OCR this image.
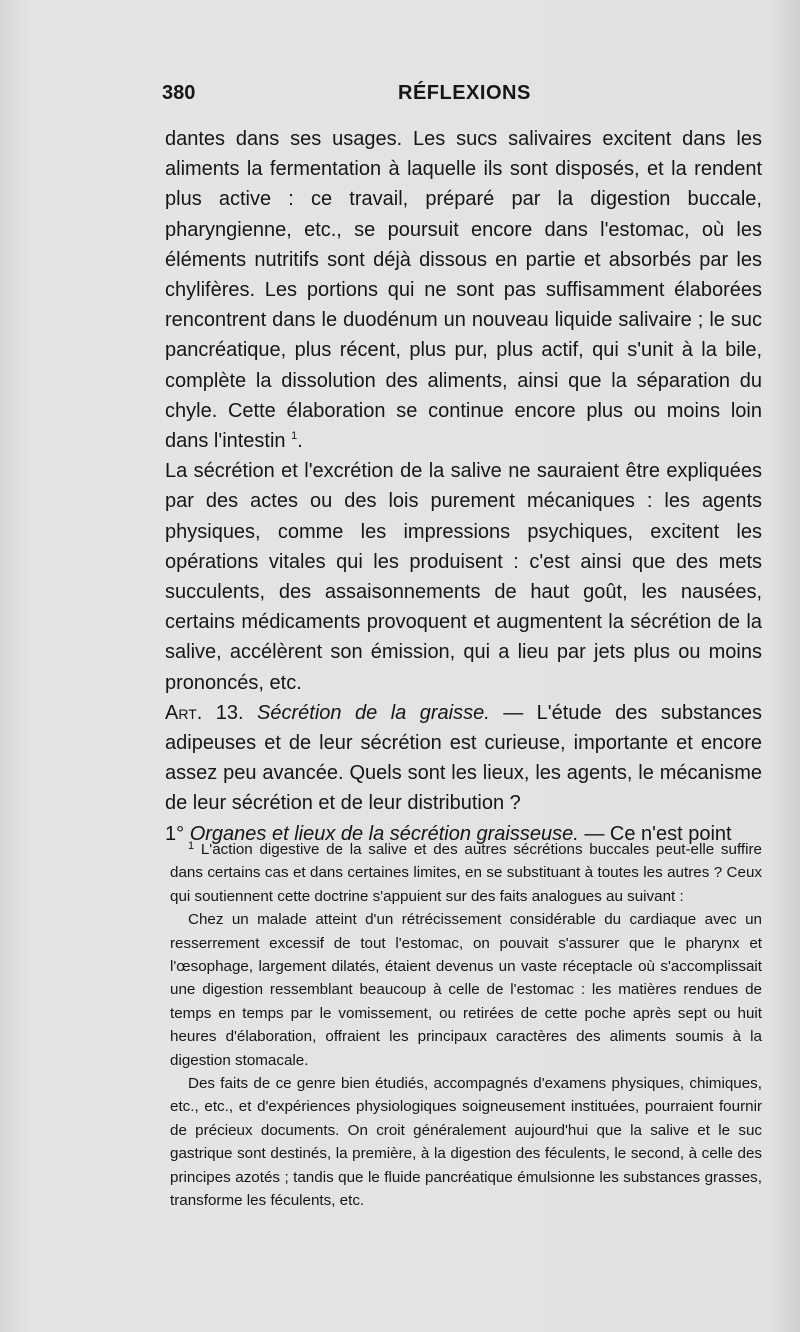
380	RÉFLEXIONS

dantes dans ses usages. Les sucs salivaires excitent dans les aliments la fermentation à laquelle ils sont disposés, et la rendent plus active : ce travail, préparé par la digestion buccale, pharyngienne, etc., se poursuit encore dans l'estomac, où les éléments nutritifs sont déjà dissous en partie et absorbés par les chylifères. Les portions qui ne sont pas suffisamment élaborées rencontrent dans le duodénum un nouveau liquide salivaire ; le suc pancréatique, plus récent, plus pur, plus actif, qui s'unit à la bile, complète la dissolution des aliments, ainsi que la séparation du chyle. Cette élaboration se continue encore plus ou moins loin dans l'intestin $^1$.

La sécrétion et l'excrétion de la salive ne sauraient être expliquées par des actes ou des lois purement mécaniques : les agents physiques, comme les impressions psychiques, excitent les opérations vitales qui les produisent : c'est ainsi que des mets succulents, des assaisonnements de haut goût, les nausées, certains médicaments provoquent et augmentent la sécrétion de la salive, accélèrent son émission, qui a lieu par jets plus ou moins prononcés, etc.

Art. 13. Sécrétion de la graisse. — L'étude des substances adipeuses et de leur sécrétion est curieuse, importante et encore assez peu avancée. Quels sont les lieux, les agents, le mécanisme de leur sécrétion et de leur distribution ?

1° Organes et lieux de la sécrétion graisseuse. — Ce n'est point

$^1$ L'action digestive de la salive et des autres sécrétions buccales peut-elle suffire dans certains cas et dans certaines limites, en se substituant à toutes les autres ? Ceux qui soutiennent cette doctrine s'appuient sur des faits analogues au suivant :

Chez un malade atteint d'un rétrécissement considérable du cardiaque avec un resserrement excessif de tout l'estomac, on pouvait s'assurer que le pharynx et l'œsophage, largement dilatés, étaient devenus un vaste réceptacle où s'accomplissait une digestion ressemblant beaucoup à celle de l'estomac : les matières rendues de temps en temps par le vomissement, ou retirées de cette poche après sept ou huit heures d'élaboration, offraient les principaux caractères des aliments soumis à la digestion stomacale.

Des faits de ce genre bien étudiés, accompagnés d'examens physiques, chimiques, etc., etc., et d'expériences physiologiques soigneusement instituées, pourraient fournir de précieux documents. On croit généralement aujourd'hui que la salive et le suc gastrique sont destinés, la première, à la digestion des féculents, le second, à celle des principes azotés ; tandis que le fluide pancréatique émulsionne les substances grasses, transforme les féculents, etc.
